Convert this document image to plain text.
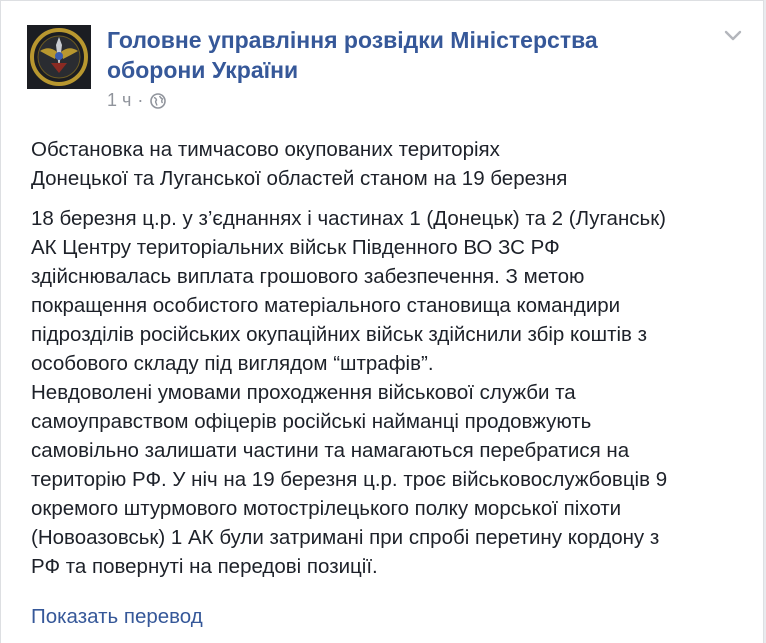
Головне управління розвідки Міністерства оборони України
1 ч ·

Обстановка на тимчасово окупованих територіях
Донецької та Луганської областей станом на 19 березня

18 березня ц.р. у з’єднаннях і частинах 1 (Донецьк) та 2 (Луганськ)
АК Центру територіальних військ Південного ВО ЗС РФ
здійснювалась виплата грошового забезпечення. З метою
покращення особистого матеріального становища командири
підрозділів російських окупаційних військ здійснили збір коштів з
особового складу під виглядом “штрафів”.
Невдоволені умовами проходження військової служби та
самоуправством офіцерів російські найманці продовжують
самовільно залишати частини та намагаються перебратися на
територію РФ. У ніч на 19 березня ц.р. троє військовослужбовців 9
окремого штурмового мотострілецького полку морської піхоти
(Новоазовськ) 1 АК були затримані при спробі перетину кордону з
РФ та повернуті на передові позиції.

Показать перевод
